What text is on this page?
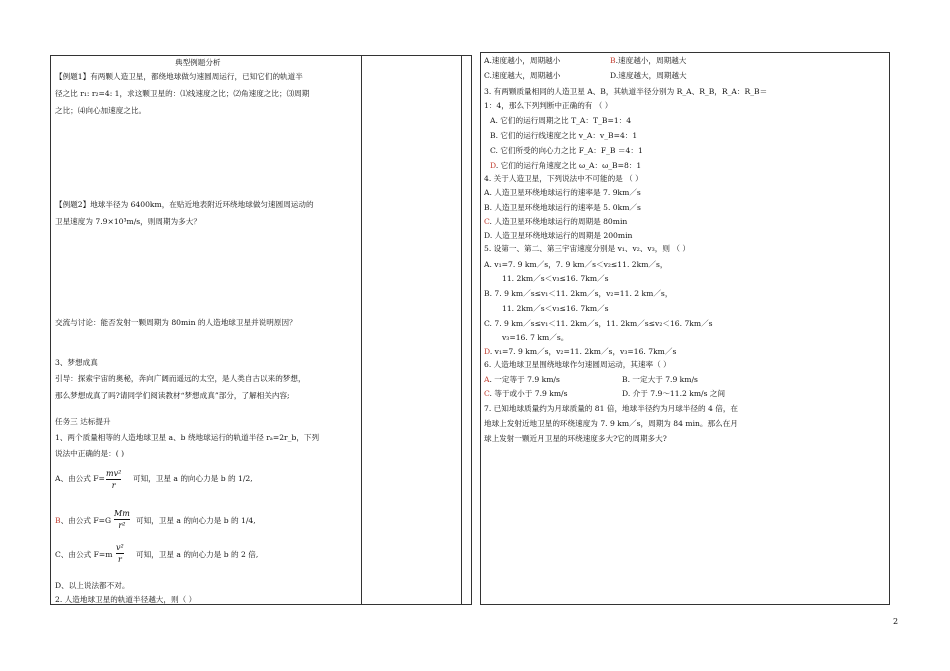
典型例题分析
【例题1】有两颗人造卫星，都绕地球做匀速圆周运行，已知它们的轨道半
径之比 r₁: r₂=4: 1，求这颗卫星的：⑴线速度之比；⑵角速度之比；⑶周期
之比；⑷向心加速度之比。
【例题2】地球半径为 6400km，在贴近地表附近环绕地球做匀速圆周运动的
卫星速度为 7.9×10³m/s，则周期为多大？
交流与讨论：能否发射一颗周期为 80min 的人造地球卫星并说明原因？
3、梦想成真
引导：探索宇宙的奥秘，奔向广阔而遥远的太空，是人类自古以来的梦想，
那么梦想成真了吗?请同学们阅读教材“梦想成真”部分，了解相关内容;
任务三 达标提升
1、两个质量相等的人造地球卫星 a、b 绕地球运行的轨道半径 rₐ=2r_b，下列
说法中正确的是：( )
A、由公式 F=	可知，卫星 a 的向心力是 b 的 1/2,
B、由公式 F=G	可知，卫星 a 的向心力是 b 的 1/4,
C、由公式 F=m	可知，卫星 a 的向心力是 b 的 2 倍,
D、以上说法都不对。
2. 人造地球卫星的轨道半径越大，则（ ）
A.速度越小，周期越小	B.速度越小，周期越大
C.速度越大，周期越小	D.速度越大，周期越大
3. 有两颗质量相同的人造卫星 A、B，其轨道半径分别为 R_A、R_B，R_A：R_B＝
1：4，那么下列判断中正确的有 （ ）
A. 它们的运行周期之比 T_A：T_B=1：4
B. 它们的运行线速度之比 v_A：v_B=4：1
C. 它们所受的向心力之比 F_A：F_B ＝4：1
D. 它们的运行角速度之比 ω_A：ω_B=8：1
4. 关于人造卫星，下列说法中不可能的是 （ ）
A. 人造卫星环绕地球运行的速率是 7. 9km／s
B. 人造卫星环绕地球运行的速率是 5. 0km／s
C. 人造卫星环绕地球运行的周期是 80min
D. 人造卫星环绕地球运行的周期是 200min
5. 设第一、第二、第三宇宙速度分别是 v₁、v₂、v₃，则 （ ）
A. v₁=7. 9 km／s，7. 9 km／s＜v₂≤11. 2km／s，
11. 2km／s＜v₃≤16. 7km／s
B. 7. 9 km／s≤v₁＜11. 2km／s，v₂=11. 2 km／s，
11. 2km／s＜v₃≤16. 7km／s
C. 7. 9 km／s≤v₁＜11. 2km／s，11. 2km／s≤v₂＜16. 7km／s
v₃=16. 7 km／s。
D. v₁=7. 9 km／s，v₂=11. 2km／s，v₃=16. 7km／s
6. 人造地球卫星围绕地球作匀速圆周运动，其速率（ ）
A. 一定等于 7.9 km/s	B. 一定大于 7.9 km/s
C. 等于或小于 7.9 km/s	D. 介于 7.9～11.2 km/s 之间
7. 已知地球质量约为月球质量的 81 倍，地球半径约为月球半径的 4 倍，在
地球上发射近地卫星的环绕速度为 7. 9 km／s，周期为 84 min。那么在月
球上发射一颗近月卫星的环绕速度多大?它的周期多大?
mv²
r
Mm
r²
v²
r
2
